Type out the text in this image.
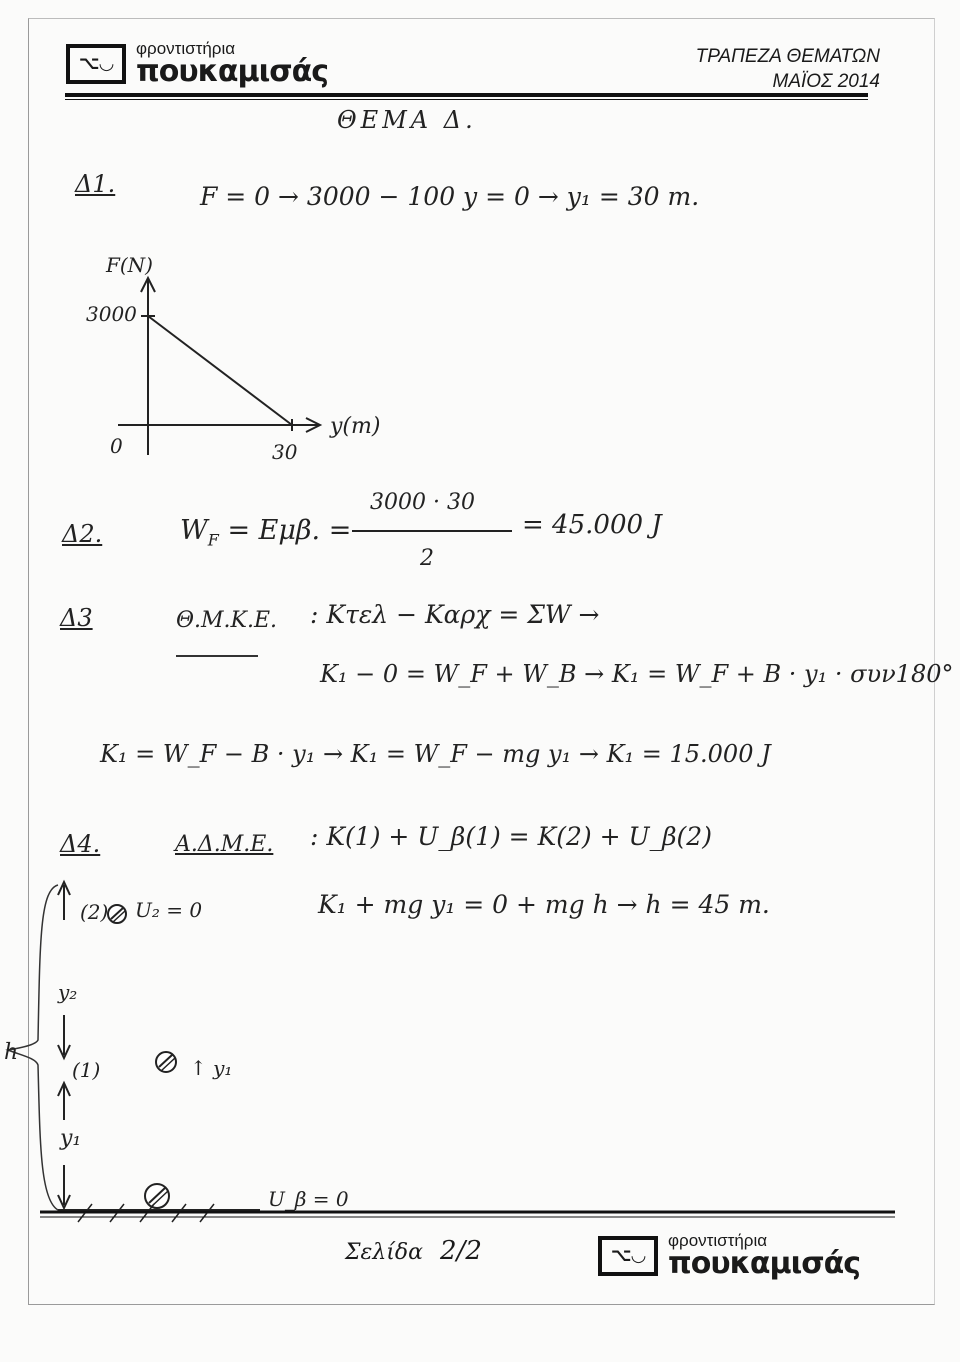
⌥◡
φροντιστήρια
πουκαμισάς	ΤΡΑΠΕΖΑ ΘΕΜΑΤΩΝ
ΜΑΪΟΣ 2014
ΘΕΜΑ Δ.
Δ1.	F = 0 → 3000 − 100 y = 0 → y₁ = 30 m.
F(N)
3000
y(m)
0	30
Δ2.	$W_F = E\mu\beta$. =
3000 · 30
2
= 45.000 J
Δ3	Θ.Μ.Κ.Ε. : Κτελ − Καρχ = ΣW →
K₁ − 0 = W_F + W_B → K₁ = W_F + B · y₁ · συν180°
K₁ = W_F − B · y₁ → K₁ = W_F − mg y₁ → K₁ = 15.000 J
Δ4.	Α.Δ.Μ.Ε. : K(1) + U_β(1) = K(2) + U_β(2)
K₁ + mg y₁ = 0 + mg h → h = 45 m.
(2) U₂ = 0
y₂
(1)	↑ y₁
y₁
h
U_β = 0
Σελίδα 2/2	⌥◡
φροντιστήρια
πουκαμισάς
